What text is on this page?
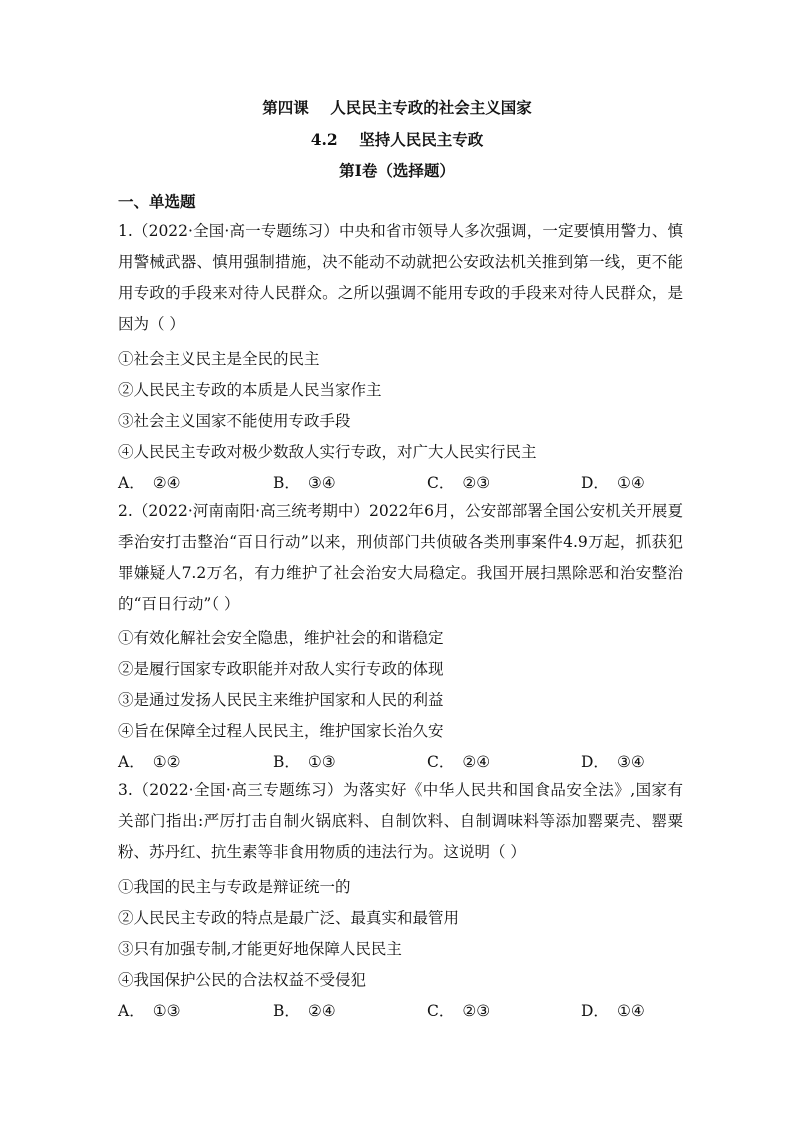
第四课    人民民主专政的社会主义国家
4.2    坚持人民民主专政
第I卷（选择题）
一、单选题
1.（2022·全国·高一专题练习）中央和省市领导人多次强调，一定要慎用警力、慎用警械武器、慎用强制措施，决不能动不动就把公安政法机关推到第一线，更不能用专政的手段来对待人民群众。之所以强调不能用专政的手段来对待人民群众，是因为（ ）
①社会主义民主是全民的民主
②人民民主专政的本质是人民当家作主
③社会主义国家不能使用专政手段
④人民民主专政对极少数敌人实行专政，对广大人民实行民主
A． ②④	B． ③④	C． ②③	D． ①④
2.（2022·河南南阳·高三统考期中）2022年6月，公安部部署全国公安机关开展夏季治安打击整治“百日行动”以来，刑侦部门共侦破各类刑事案件4.9万起，抓获犯罪嫌疑人7.2万名，有力维护了社会治安大局稳定。我国开展扫黑除恶和治安整治的“百日行动”（ ）
①有效化解社会安全隐患，维护社会的和谐稳定
②是履行国家专政职能并对敌人实行专政的体现
③是通过发扬人民民主来维护国家和人民的利益
④旨在保障全过程人民民主，维护国家长治久安
A． ①②	B． ①③	C． ②④	D． ③④
3.（2022·全国·高三专题练习）为落实好《中华人民共和国食品安全法》,国家有关部门指出:严厉打击自制火锅底料、自制饮料、自制调味料等添加罂粟壳、罂粟粉、苏丹红、抗生素等非食用物质的违法行为。这说明（ ）
①我国的民主与专政是辩证统一的
②人民民主专政的特点是最广泛、最真实和最管用
③只有加强专制,才能更好地保障人民民主
④我国保护公民的合法权益不受侵犯
A． ①③	B． ②④	C． ②③	D． ①④
